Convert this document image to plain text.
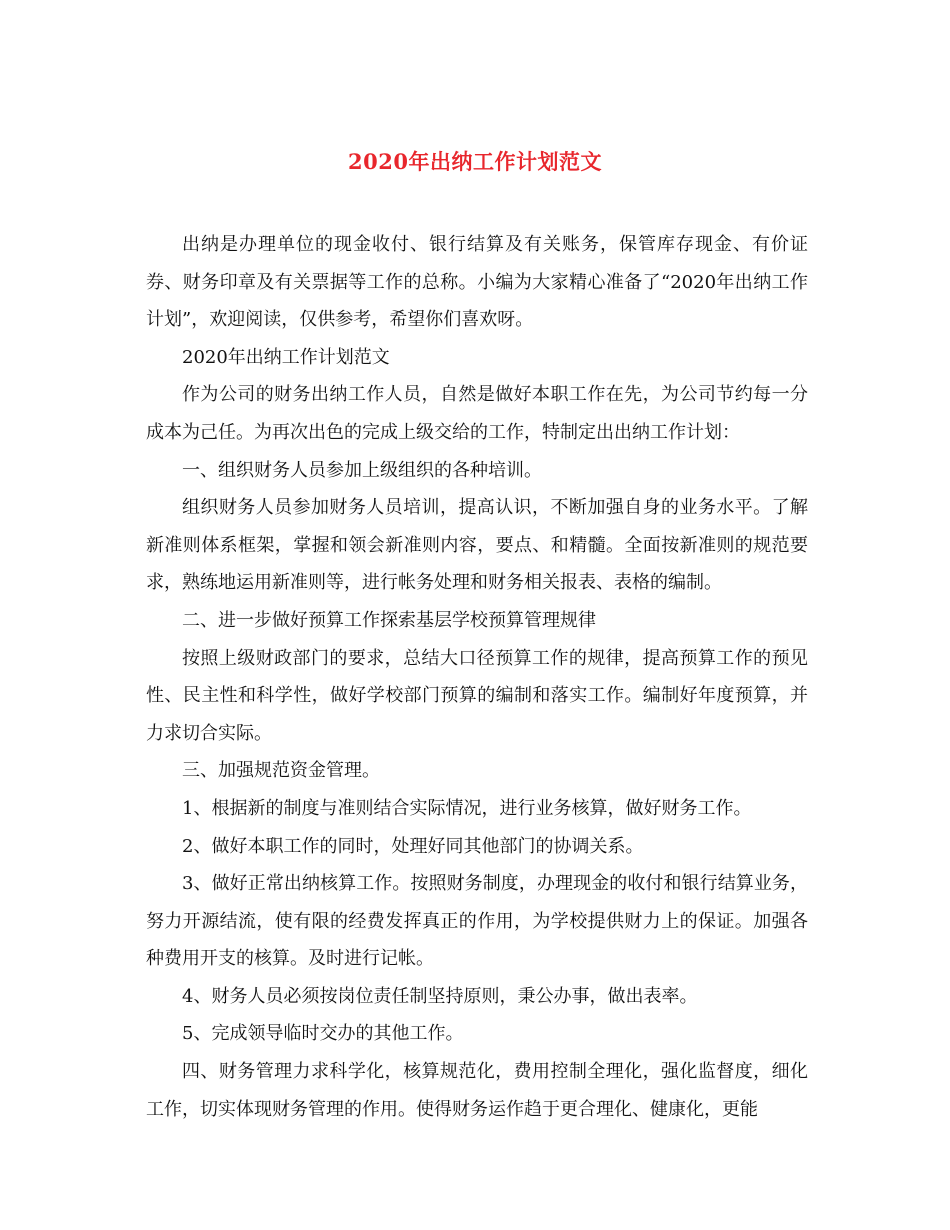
2020年出纳工作计划范文

出纳是办理单位的现金收付、银行结算及有关账务，保管库存现金、有价证券、财务印章及有关票据等工作的总称。小编为大家精心准备了“2020年出纳工作计划”，欢迎阅读，仅供参考，希望你们喜欢呀。

2020年出纳工作计划范文

作为公司的财务出纳工作人员，自然是做好本职工作在先，为公司节约每一分成本为己任。为再次出色的完成上级交给的工作，特制定出出纳工作计划：

一、组织财务人员参加上级组织的各种培训。

组织财务人员参加财务人员培训，提高认识，不断加强自身的业务水平。了解新准则体系框架，掌握和领会新准则内容，要点、和精髓。全面按新准则的规范要求，熟练地运用新准则等，进行帐务处理和财务相关报表、表格的编制。

二、进一步做好预算工作探索基层学校预算管理规律

按照上级财政部门的要求，总结大口径预算工作的规律，提高预算工作的预见性、民主性和科学性，做好学校部门预算的编制和落实工作。编制好年度预算，并力求切合实际。

三、加强规范资金管理。

1、根据新的制度与准则结合实际情况，进行业务核算，做好财务工作。

2、做好本职工作的同时，处理好同其他部门的协调关系。

3、做好正常出纳核算工作。按照财务制度，办理现金的收付和银行结算业务，努力开源结流，使有限的经费发挥真正的作用，为学校提供财力上的保证。加强各种费用开支的核算。及时进行记帐。

4、财务人员必须按岗位责任制坚持原则，秉公办事，做出表率。

5、完成领导临时交办的其他工作。

四、财务管理力求科学化，核算规范化，费用控制全理化，强化监督度，细化工作，切实体现财务管理的作用。使得财务运作趋于更合理化、健康化，更能
